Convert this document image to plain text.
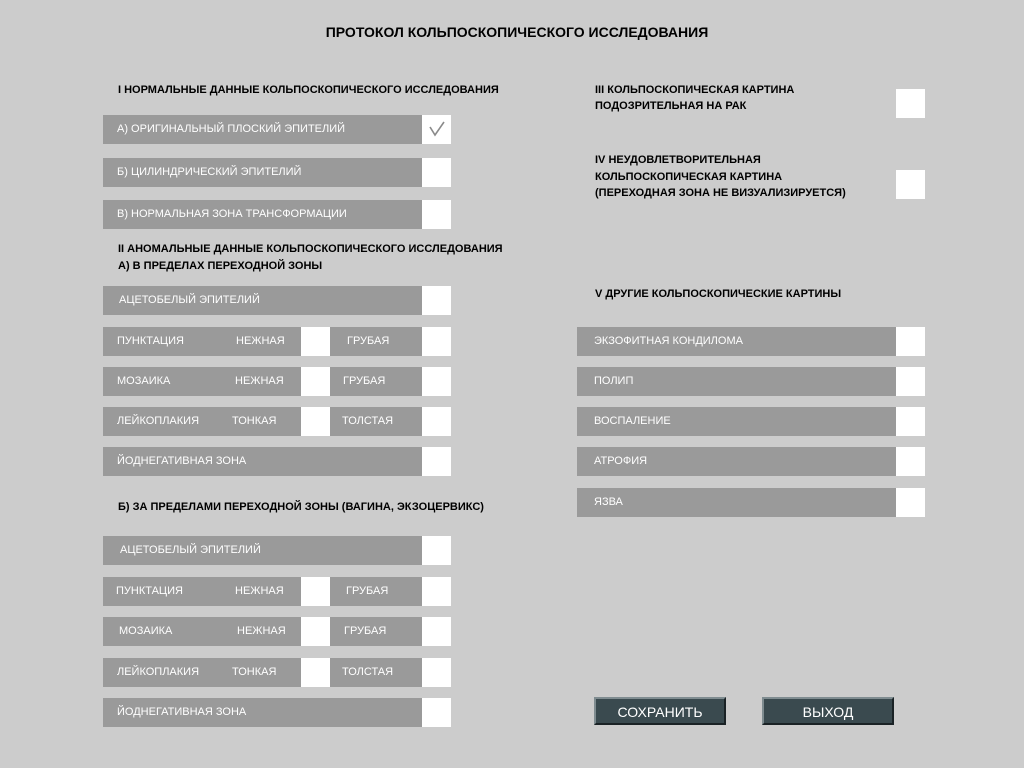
ПРОТОКОЛ КОЛЬПОСКОПИЧЕСКОГО ИССЛЕДОВАНИЯ
I НОРМАЛЬНЫЕ ДАННЫЕ КОЛЬПОСКОПИЧЕСКОГО ИССЛЕДОВАНИЯ
А) ОРИГИНАЛЬНЫЙ ПЛОСКИЙ ЭПИТЕЛИЙ
Б) ЦИЛИНДРИЧЕСКИЙ ЭПИТЕЛИЙ
В) НОРМАЛЬНАЯ ЗОНА ТРАНСФОРМАЦИИ
II АНОМАЛЬНЫЕ ДАННЫЕ КОЛЬПОСКОПИЧЕСКОГО ИССЛЕДОВАНИЯ
А) В ПРЕДЕЛАХ ПЕРЕХОДНОЙ ЗОНЫ
АЦЕТОБЕЛЫЙ ЭПИТЕЛИЙ
ПУНКТАЦИЯ	НЕЖНАЯ	ГРУБАЯ
МОЗАИКА	НЕЖНАЯ	ГРУБАЯ
ЛЕЙКОПЛАКИЯ	ТОНКАЯ	ТОЛСТАЯ
ЙОДНЕГАТИВНАЯ ЗОНА
Б) ЗА ПРЕДЕЛАМИ ПЕРЕХОДНОЙ ЗОНЫ (ВАГИНА, ЭКЗОЦЕРВИКС)
АЦЕТОБЕЛЫЙ ЭПИТЕЛИЙ
ПУНКТАЦИЯ	НЕЖНАЯ	ГРУБАЯ
МОЗАИКА	НЕЖНАЯ	ГРУБАЯ
ЛЕЙКОПЛАКИЯ	ТОНКАЯ	ТОЛСТАЯ
ЙОДНЕГАТИВНАЯ ЗОНА
III КОЛЬПОСКОПИЧЕСКАЯ КАРТИНА
ПОДОЗРИТЕЛЬНАЯ НА РАК
IV НЕУДОВЛЕТВОРИТЕЛЬНАЯ
КОЛЬПОСКОПИЧЕСКАЯ КАРТИНА
(ПЕРЕХОДНАЯ ЗОНА НЕ ВИЗУАЛИЗИРУЕТСЯ)
V ДРУГИЕ КОЛЬПОСКОПИЧЕСКИЕ КАРТИНЫ
ЭКЗОФИТНАЯ КОНДИЛОМА
ПОЛИП
ВОСПАЛЕНИЕ
АТРОФИЯ
ЯЗВА
СОХРАНИТЬ	ВЫХОД
